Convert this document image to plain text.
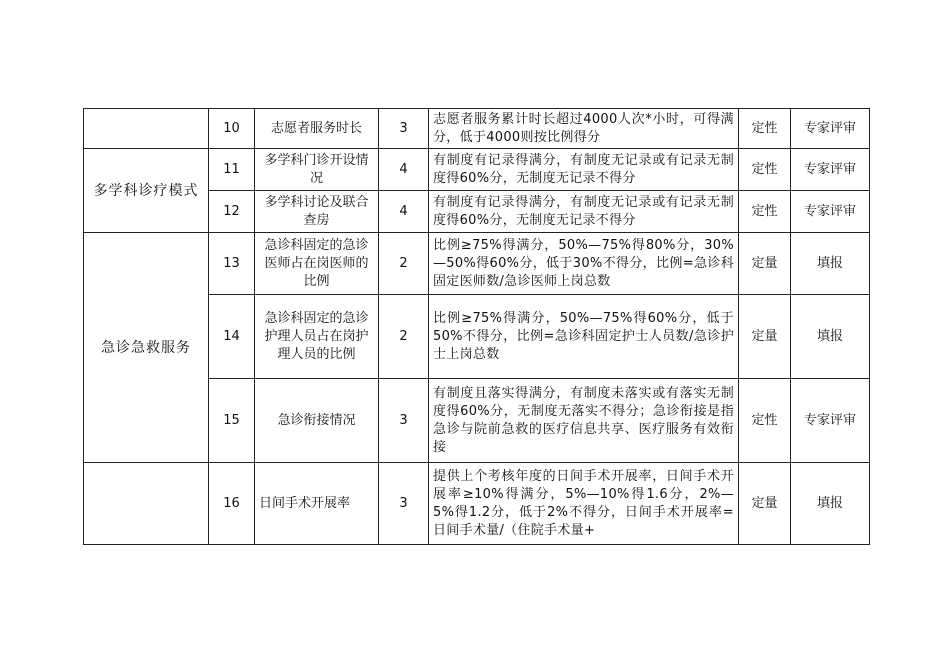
	10	志愿者服务时长	3	志愿者服务累计时长超过4000人次*小时，可得满分，低于4000则按比例得分	定性	专家评审
多学科诊疗模式	11	多学科门诊开设情况	4	有制度有记录得满分，有制度无记录或有记录无制度得60%分，无制度无记录不得分	定性	专家评审
	12	多学科讨论及联合查房	4	有制度有记录得满分，有制度无记录或有记录无制度得60%分，无制度无记录不得分	定性	专家评审
急诊急救服务	13	急诊科固定的急诊医师占在岗医师的比例	2	比例≥75%得满分，50%—75%得80%分，30%—50%得60%分，低于30%不得分，比例=急诊科固定医师数/急诊医师上岗总数	定量	填报
	14	急诊科固定的急诊护理人员占在岗护理人员的比例	2	比例≥75%得满分，50%—75%得60%分，低于50%不得分，比例=急诊科固定护士人员数/急诊护士上岗总数	定量	填报
	15	急诊衔接情况	3	有制度且落实得满分，有制度未落实或有落实无制度得60%分，无制度无落实不得分；急诊衔接是指急诊与院前急救的医疗信息共享、医疗服务有效衔接	定性	专家评审
	16	日间手术开展率	3	提供上个考核年度的日间手术开展率，日间手术开展率≥10%得满分，5%—10%得1.6分，2%—5%得1.2分，低于2%不得分，日间手术开展率=日间手术量/（住院手术量+	定量	填报
